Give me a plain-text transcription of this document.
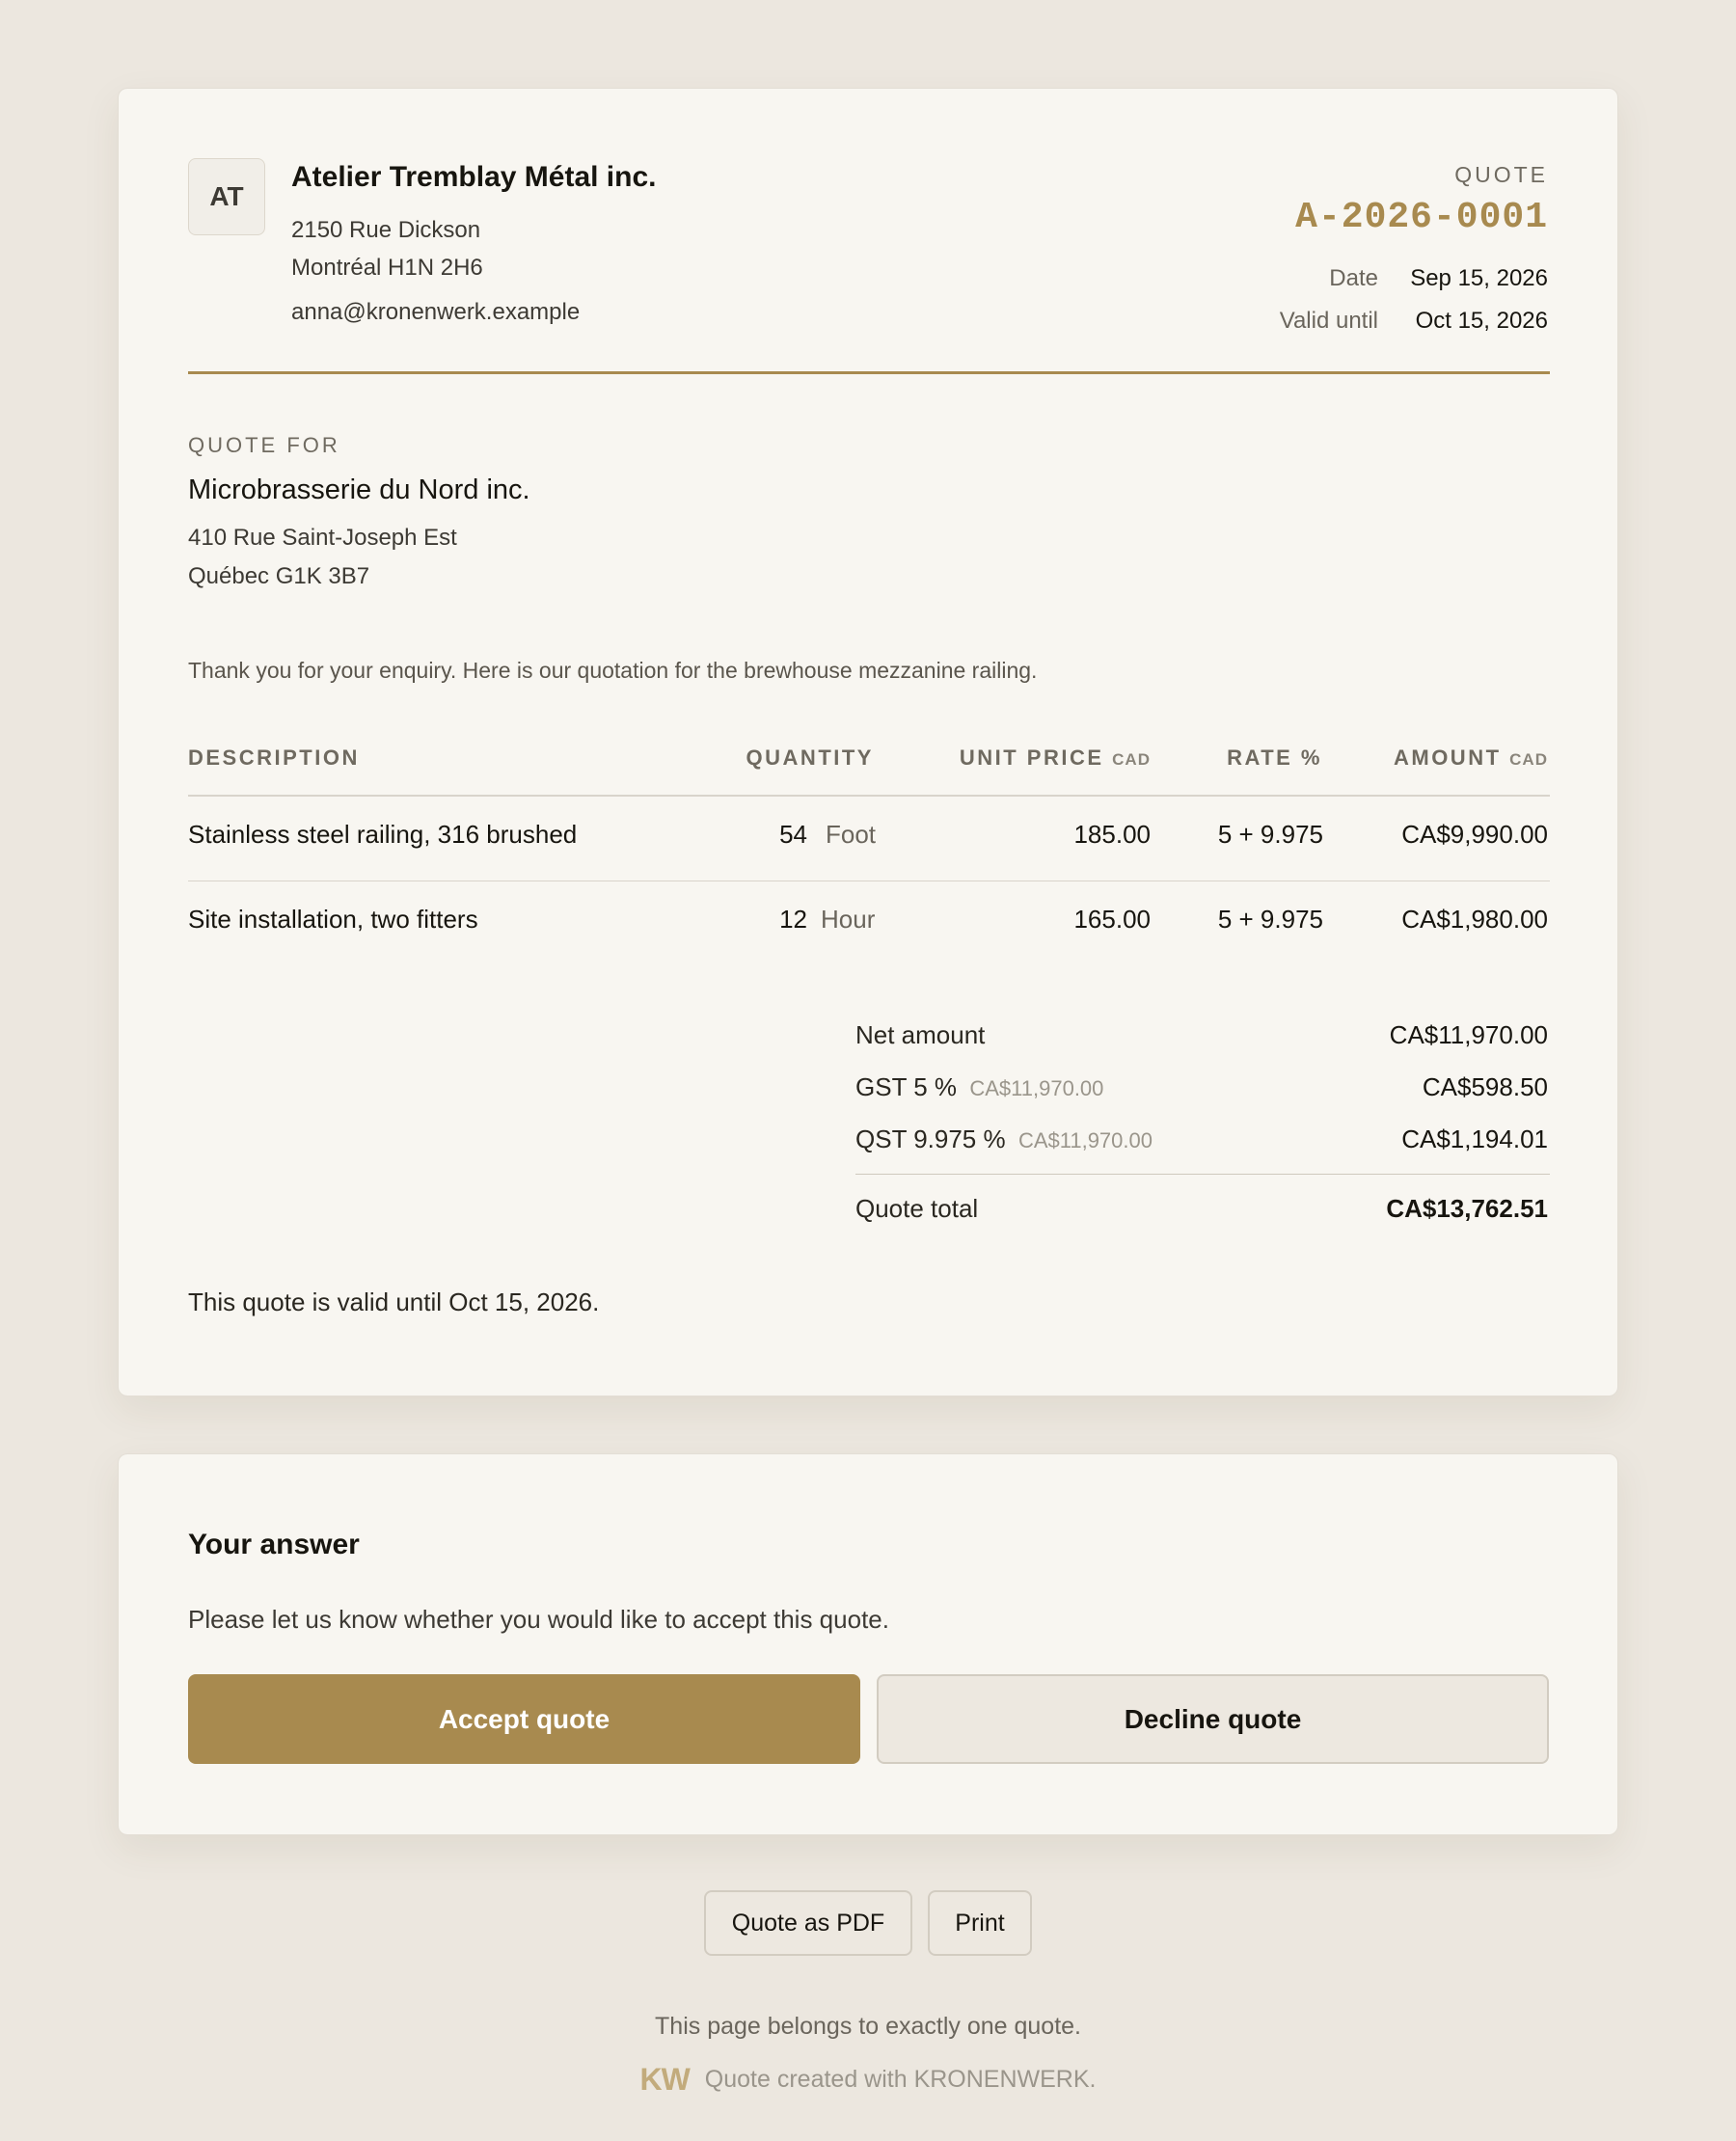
AT
Atelier Tremblay Métal inc.
2150 Rue Dickson
Montréal H1N 2H6
anna@kronenwerk.example
QUOTE
A-2026-0001
Date Sep 15, 2026
Valid until Oct 15, 2026
QUOTE FOR
Microbrasserie du Nord inc.
410 Rue Saint-Joseph Est
Québec G1K 3B7
Thank you for your enquiry. Here is our quotation for the brewhouse mezzanine railing.
DESCRIPTION	QUANTITY	UNIT PRICE CAD	RATE %	AMOUNT CAD
Stainless steel railing, 316 brushed	54 Foot	185.00	5 + 9.975	CA$9,990.00
Site installation, two fitters	12 Hour	165.00	5 + 9.975	CA$1,980.00
Net amount	CA$11,970.00
GST 5 % CA$11,970.00	CA$598.50
QST 9.975 % CA$11,970.00	CA$1,194.01
Quote total	CA$13,762.51
This quote is valid until Oct 15, 2026.
Your answer
Please let us know whether you would like to accept this quote.
Accept quote	Decline quote
Quote as PDF	Print
This page belongs to exactly one quote.
KW Quote created with KRONENWERK.
